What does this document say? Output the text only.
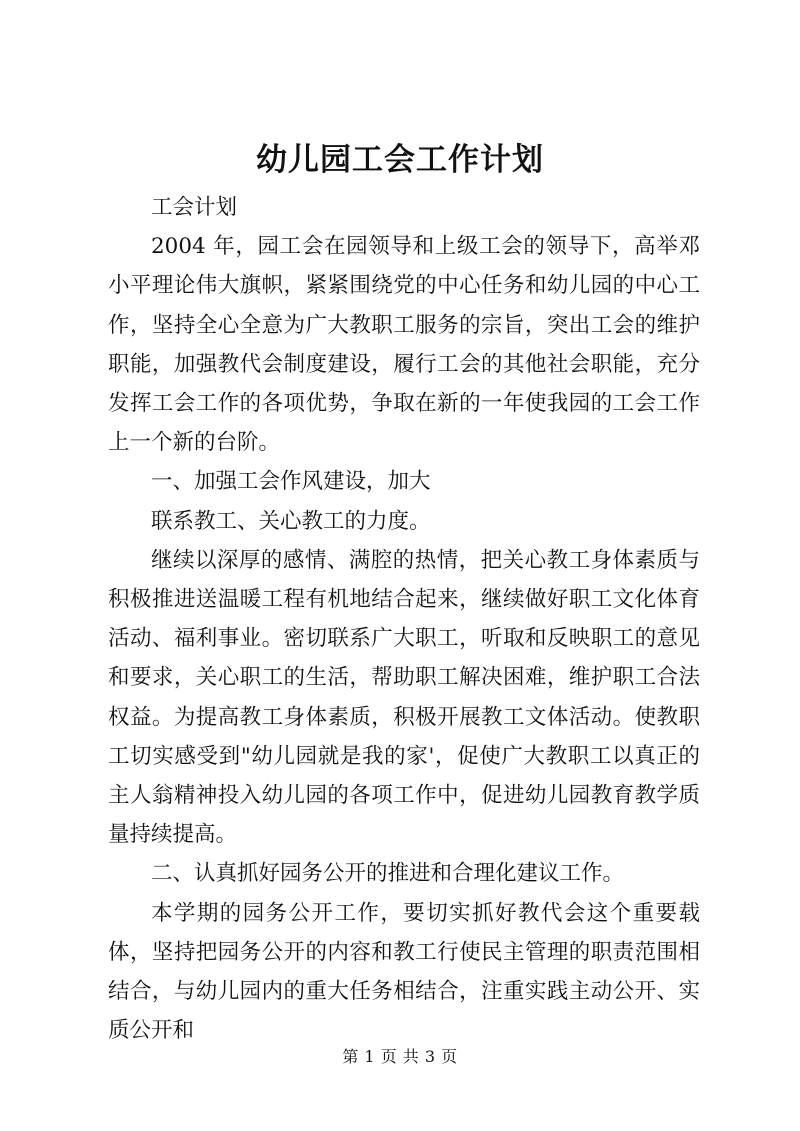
幼儿园工会工作计划

工会计划

2004 年，园工会在园领导和上级工会的领导下，高举邓小平理论伟大旗帜，紧紧围绕党的中心任务和幼儿园的中心工作，坚持全心全意为广大教职工服务的宗旨，突出工会的维护职能，加强教代会制度建设，履行工会的其他社会职能，充分发挥工会工作的各项优势，争取在新的一年使我园的工会工作上一个新的台阶。

一、加强工会作风建设，加大

联系教工、关心教工的力度。

继续以深厚的感情、满腔的热情，把关心教工身体素质与积极推进送温暖工程有机地结合起来，继续做好职工文化体育活动、福利事业。密切联系广大职工，听取和反映职工的意见和要求，关心职工的生活，帮助职工解决困难，维护职工合法权益。为提高教工身体素质，积极开展教工文体活动。使教职工切实感受到"幼儿园就是我的家'，促使广大教职工以真正的主人翁精神投入幼儿园的各项工作中，促进幼儿园教育教学质量持续提高。

二、认真抓好园务公开的推进和合理化建议工作。

本学期的园务公开工作，要切实抓好教代会这个重要载体，坚持把园务公开的内容和教工行使民主管理的职责范围相结合，与幼儿园内的重大任务相结合，注重实践主动公开、实质公开和

第 1 页 共 3 页
